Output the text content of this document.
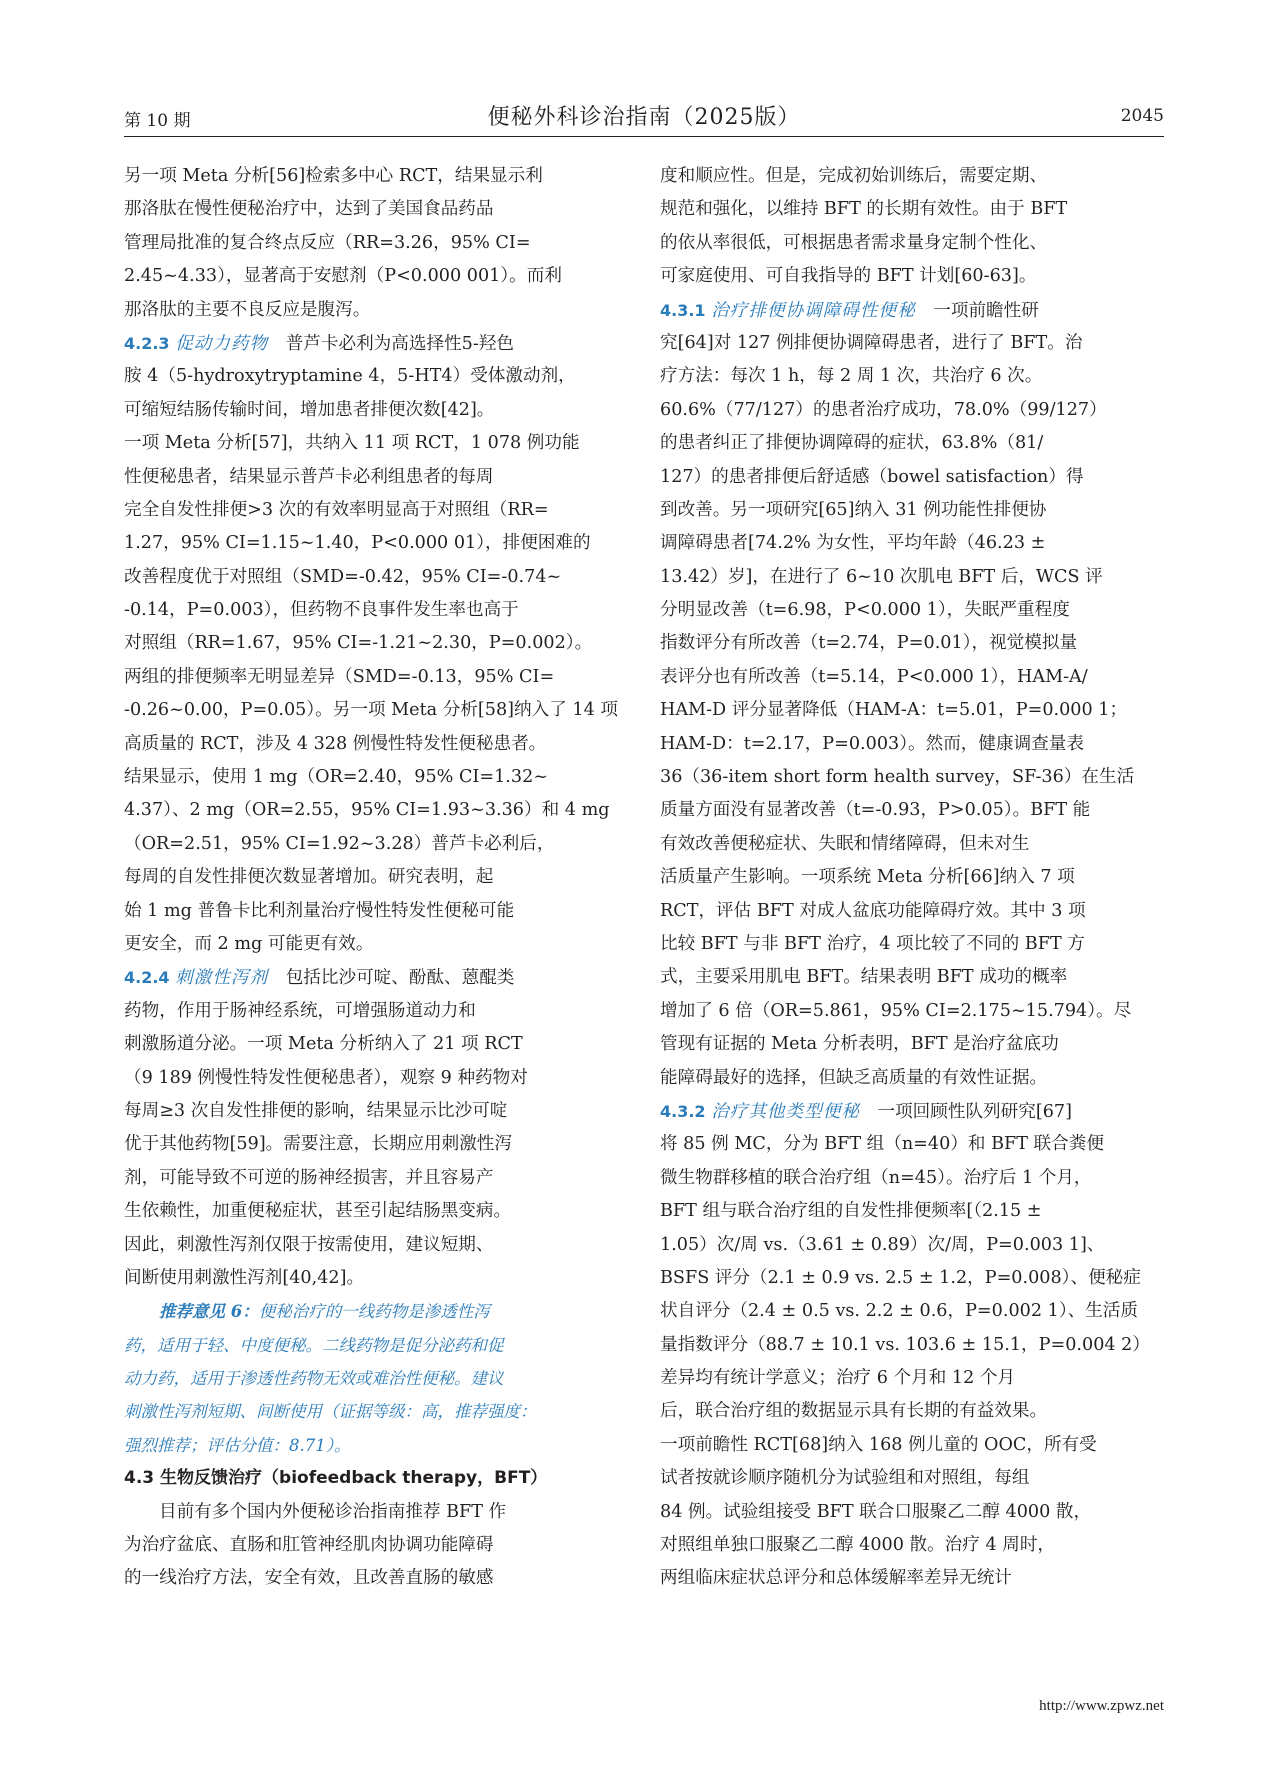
第 10 期	便秘外科诊治指南（2025版）	2045
另一项 Meta 分析[56]检索多中心 RCT，结果显示利
那洛肽在慢性便秘治疗中，达到了美国食品药品
管理局批准的复合终点反应（RR=3.26，95% CI=
2.45~4.33），显著高于安慰剂（P<0.000 001）。而利
那洛肽的主要不良反应是腹泻。
4.2.3 促动力药物　普芦卡必利为高选择性5-羟色
胺 4（5-hydroxytryptamine 4，5-HT4）受体激动剂，
可缩短结肠传输时间，增加患者排便次数[42]。
一项 Meta 分析[57]，共纳入 11 项 RCT，1 078 例功能
性便秘患者，结果显示普芦卡必利组患者的每周
完全自发性排便>3 次的有效率明显高于对照组（RR=
1.27，95% CI=1.15~1.40，P<0.000 01），排便困难的
改善程度优于对照组（SMD=-0.42，95% CI=-0.74~
-0.14，P=0.003），但药物不良事件发生率也高于
对照组（RR=1.67，95% CI=-1.21~2.30，P=0.002）。
两组的排便频率无明显差异（SMD=-0.13，95% CI=
-0.26~0.00，P=0.05）。另一项 Meta 分析[58]纳入了 14 项
高质量的 RCT，涉及 4 328 例慢性特发性便秘患者。
结果显示，使用 1 mg（OR=2.40，95% CI=1.32~
4.37）、2 mg（OR=2.55，95% CI=1.93~3.36）和 4 mg
（OR=2.51，95% CI=1.92~3.28）普芦卡必利后，
每周的自发性排便次数显著增加。研究表明，起
始 1 mg 普鲁卡比利剂量治疗慢性特发性便秘可能
更安全，而 2 mg 可能更有效。
4.2.4 刺激性泻剂　包括比沙可啶、酚酞、蒽醌类
药物，作用于肠神经系统，可增强肠道动力和
刺激肠道分泌。一项 Meta 分析纳入了 21 项 RCT
（9 189 例慢性特发性便秘患者），观察 9 种药物对
每周≥3 次自发性排便的影响，结果显示比沙可啶
优于其他药物[59]。需要注意，长期应用刺激性泻
剂，可能导致不可逆的肠神经损害，并且容易产
生依赖性，加重便秘症状，甚至引起结肠黑变病。
因此，刺激性泻剂仅限于按需使用，建议短期、
间断使用刺激性泻剂[40,42]。
推荐意见 6：便秘治疗的一线药物是渗透性泻
药，适用于轻、中度便秘。二线药物是促分泌药和促
动力药，适用于渗透性药物无效或难治性便秘。建议
刺激性泻剂短期、间断使用（证据等级：高，推荐强度：
强烈推荐；评估分值：8.71）。
4.3 生物反馈治疗（biofeedback therapy，BFT）
目前有多个国内外便秘诊治指南推荐 BFT 作
为治疗盆底、直肠和肛管神经肌肉协调功能障碍
的一线治疗方法，安全有效，且改善直肠的敏感
度和顺应性。但是，完成初始训练后，需要定期、
规范和强化，以维持 BFT 的长期有效性。由于 BFT
的依从率很低，可根据患者需求量身定制个性化、
可家庭使用、可自我指导的 BFT 计划[60-63]。
4.3.1 治疗排便协调障碍性便秘　一项前瞻性研
究[64]对 127 例排便协调障碍患者，进行了 BFT。治
疗方法：每次 1 h，每 2 周 1 次，共治疗 6 次。
60.6%（77/127）的患者治疗成功，78.0%（99/127）
的患者纠正了排便协调障碍的症状，63.8%（81/
127）的患者排便后舒适感（bowel satisfaction）得
到改善。另一项研究[65]纳入 31 例功能性排便协
调障碍患者[74.2% 为女性，平均年龄（46.23 ±
13.42）岁]，在进行了 6~10 次肌电 BFT 后，WCS 评
分明显改善（t=6.98，P<0.000 1），失眠严重程度
指数评分有所改善（t=2.74，P=0.01），视觉模拟量
表评分也有所改善（t=5.14，P<0.000 1），HAM-A/
HAM-D 评分显著降低（HAM-A：t=5.01，P=0.000 1；
HAM-D：t=2.17，P=0.003）。然而，健康调查量表
36（36-item short form health survey，SF-36）在生活
质量方面没有显著改善（t=-0.93，P>0.05）。BFT 能
有效改善便秘症状、失眠和情绪障碍，但未对生
活质量产生影响。一项系统 Meta 分析[66]纳入 7 项
RCT，评估 BFT 对成人盆底功能障碍疗效。其中 3 项
比较 BFT 与非 BFT 治疗，4 项比较了不同的 BFT 方
式，主要采用肌电 BFT。结果表明 BFT 成功的概率
增加了 6 倍（OR=5.861，95% CI=2.175~15.794）。尽
管现有证据的 Meta 分析表明，BFT 是治疗盆底功
能障碍最好的选择，但缺乏高质量的有效性证据。
4.3.2 治疗其他类型便秘　一项回顾性队列研究[67]
将 85 例 MC，分为 BFT 组（n=40）和 BFT 联合粪便
微生物群移植的联合治疗组（n=45）。治疗后 1 个月，
BFT 组与联合治疗组的自发性排便频率[（2.15 ±
1.05）次/周 vs.（3.61 ± 0.89）次/周，P=0.003 1]、
BSFS 评分（2.1 ± 0.9 vs. 2.5 ± 1.2，P=0.008）、便秘症
状自评分（2.4 ± 0.5 vs. 2.2 ± 0.6，P=0.002 1）、生活质
量指数评分（88.7 ± 10.1 vs. 103.6 ± 15.1，P=0.004 2）
差异均有统计学意义；治疗 6 个月和 12 个月
后，联合治疗组的数据显示具有长期的有益效果。
一项前瞻性 RCT[68]纳入 168 例儿童的 OOC，所有受
试者按就诊顺序随机分为试验组和对照组，每组
84 例。试验组接受 BFT 联合口服聚乙二醇 4000 散，
对照组单独口服聚乙二醇 4000 散。治疗 4 周时，
两组临床症状总评分和总体缓解率差异无统计
http://www.zpwz.net
